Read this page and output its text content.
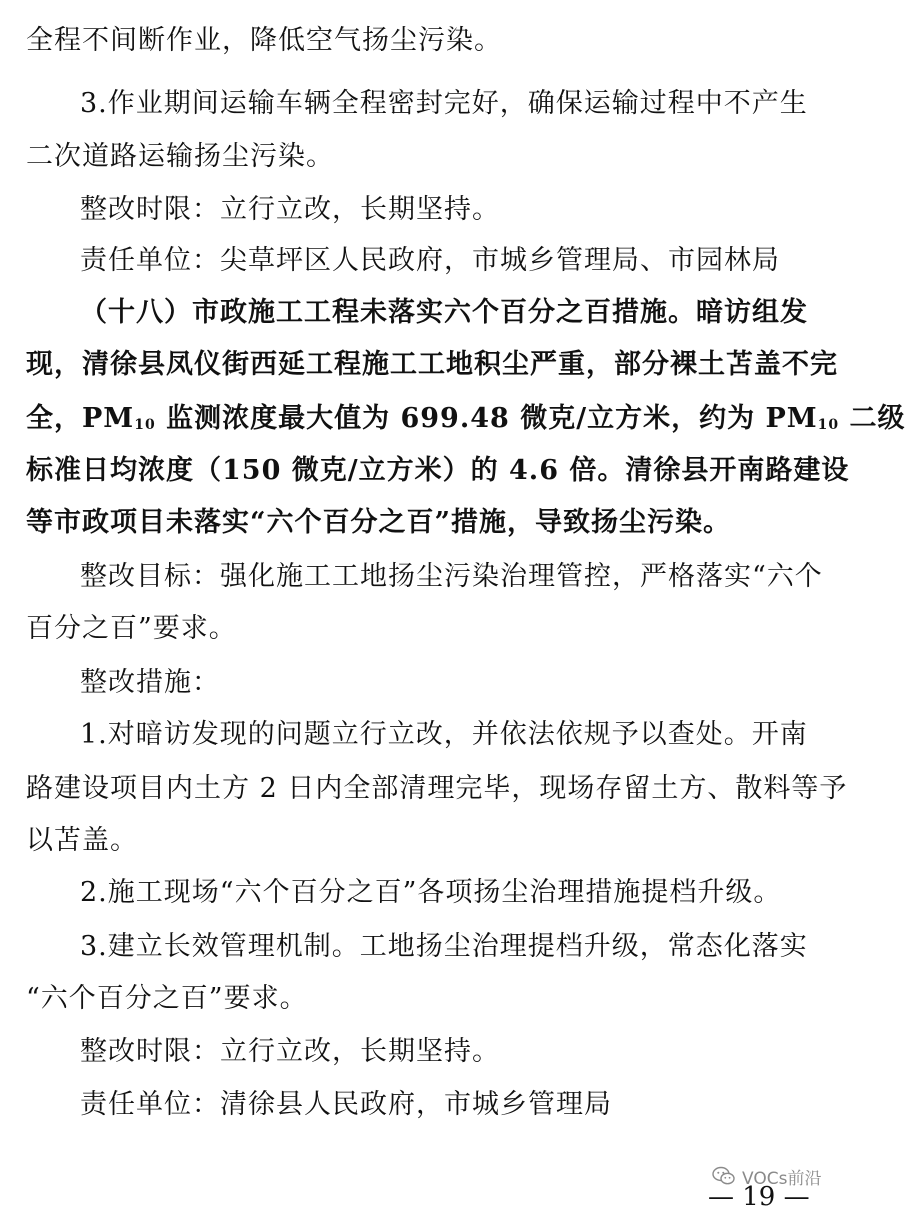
全程不间断作业，降低空气扬尘污染。
3.作业期间运输车辆全程密封完好，确保运输过程中不产生
二次道路运输扬尘污染。
整改时限：立行立改，长期坚持。
责任单位：尖草坪区人民政府，市城乡管理局、市园林局
（十八）市政施工工程未落实六个百分之百措施。暗访组发
现，清徐县凤仪街西延工程施工工地积尘严重，部分裸土苫盖不完
全，$PM_{10}$ 监测浓度最大值为 699.48 微克/立方米，约为 $PM_{10}$ 二级
标准日均浓度（150 微克/立方米）的 4.6 倍。清徐县开南路建设
等市政项目未落实“六个百分之百”措施，导致扬尘污染。
整改目标：强化施工工地扬尘污染治理管控，严格落实“六个
百分之百”要求。
整改措施：
1.对暗访发现的问题立行立改，并依法依规予以查处。开南
路建设项目内土方 2 日内全部清理完毕，现场存留土方、散料等予
以苫盖。
2.施工现场“六个百分之百”各项扬尘治理措施提档升级。
3.建立长效管理机制。工地扬尘治理提档升级，常态化落实
“六个百分之百”要求。
整改时限：立行立改，长期坚持。
责任单位：清徐县人民政府，市城乡管理局
VOCs前沿
— 19 —
